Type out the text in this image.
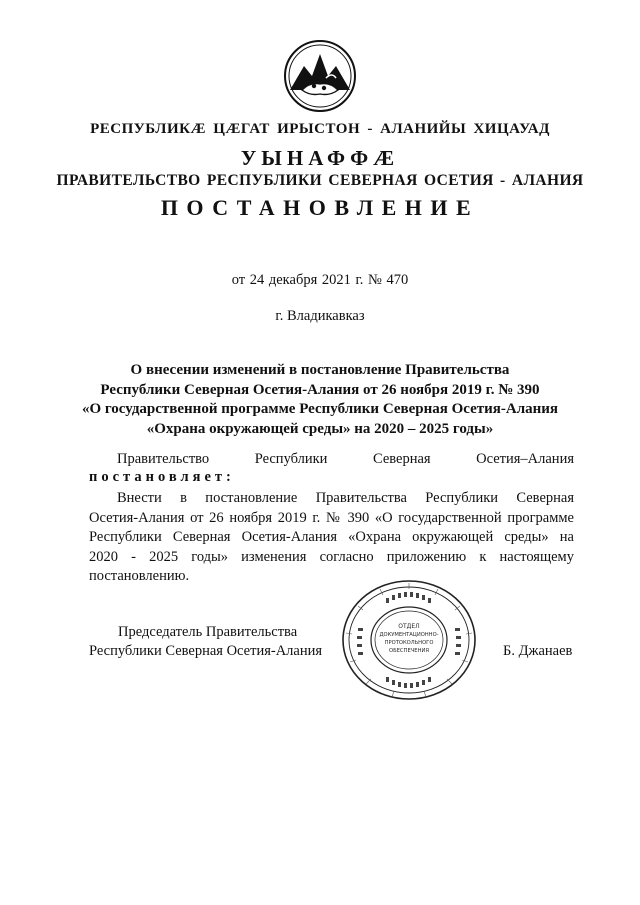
РЕСПУБЛИКӔ ЦӔГАТ ИРЫСТОН - АЛАНИЙЫ ХИЦАУАД
УЫНАФФӔ
ПРАВИТЕЛЬСТВО РЕСПУБЛИКИ СЕВЕРНАЯ ОСЕТИЯ - АЛАНИЯ
ПОСТАНОВЛЕНИЕ
от 24 декабря 2021 г. № 470
г. Владикавказ
О внесении изменений в постановление Правительства
Республики Северная Осетия-Алания от 26 ноября 2019 г. № 390
«О государственной программе Республики Северная Осетия-Алания
«Охрана окружающей среды» на 2020 – 2025 годы»
Правительство Республики Северная Осетия–Алания
постановляет:
Внести в постановление Правительства Республики Северная
Осетия-Алания от 26 ноября 2019 г. № 390 «О государственной программе
Республики Северная Осетия-Алания «Охрана окружающей среды» на
2020 - 2025 годы» изменения согласно приложению к настоящему
постановлению.
ОТДЕЛ
ДОКУМЕНТАЦИОННО-
ПРОТОКОЛЬНОГО
ОБЕСПЕЧЕНИЯ
Председатель Правительства
Республики Северная Осетия-Алания	Б. Джанаев
